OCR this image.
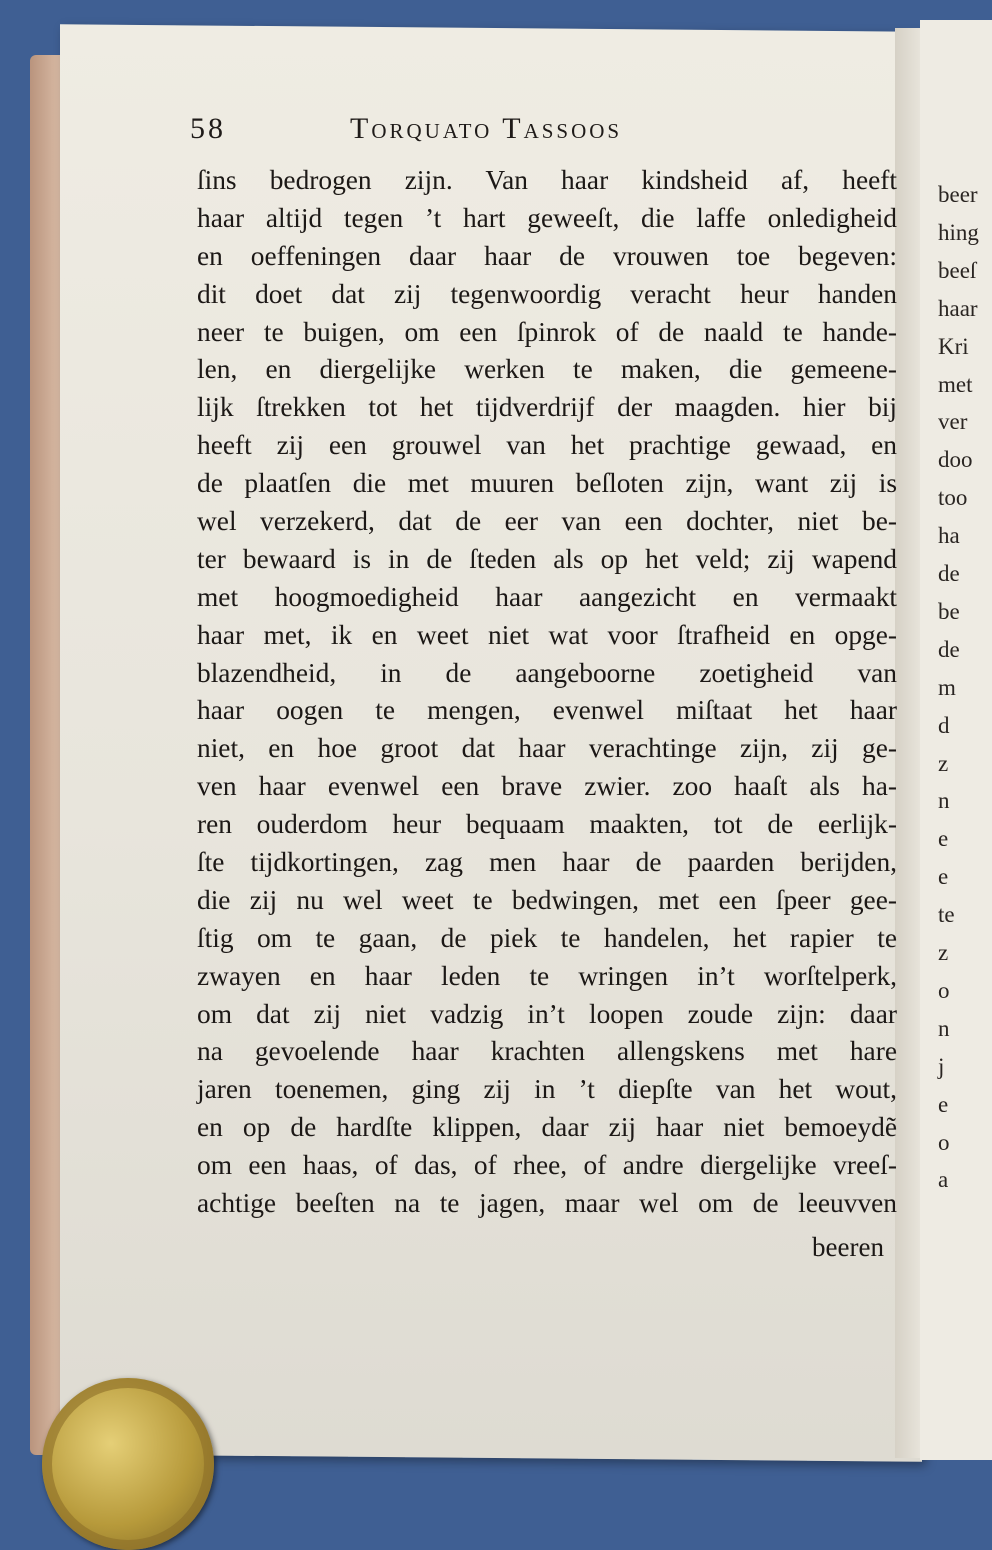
beer
hing
beeſ
haar
Kri
met
ver
doo
too
ha
de
be
de
m
d
z
n
e
e
te
z
o
n
j
e
o
a
58	Torquato Tassoos
ſins bedrogen zijn. Van haar kindsheid af, heeft
haar altijd tegen ’t hart geweeſt, die laffe onledigheid
en oeffeningen daar haar de vrouwen toe begeven:
dit doet dat zij tegenwoordig veracht heur handen
neer te buigen, om een ſpinrok of de naald te hande-
len, en diergelijke werken te maken, die gemeene-
lijk ſtrekken tot het tijdverdrijf der maagden. hier bij
heeft zij een grouwel van het prachtige gewaad, en
de plaatſen die met muuren beſloten zijn, want zij is
wel verzekerd, dat de eer van een dochter, niet be-
ter bewaard is in de ſteden als op het veld; zij wapend
met hoogmoedigheid haar aangezicht en vermaakt
haar met, ik en weet niet wat voor ſtrafheid en opge-
blazendheid, in de aangeboorne zoetigheid van
haar oogen te mengen, evenwel miſtaat het haar
niet, en hoe groot dat haar verachtinge zijn, zij ge-
ven haar evenwel een brave zwier. zoo haaſt als ha-
ren ouderdom heur bequaam maakten, tot de eerlijk-
ſte tijdkortingen, zag men haar de paarden berijden,
die zij nu wel weet te bedwingen, met een ſpeer gee-
ſtig om te gaan, de piek te handelen, het rapier te
zwayen en haar leden te wringen in’t worſtelperk,
om dat zij niet vadzig in’t loopen zoude zijn: daar
na gevoelende haar krachten allengskens met hare
jaren toenemen, ging zij in ’t diepſte van het wout,
en op de hardſte klippen, daar zij haar niet bemoeydẽ
om een haas, of das, of rhee, of andre diergelijke vreeſ-
achtige beeſten na te jagen, maar wel om de leeuvven
beeren
